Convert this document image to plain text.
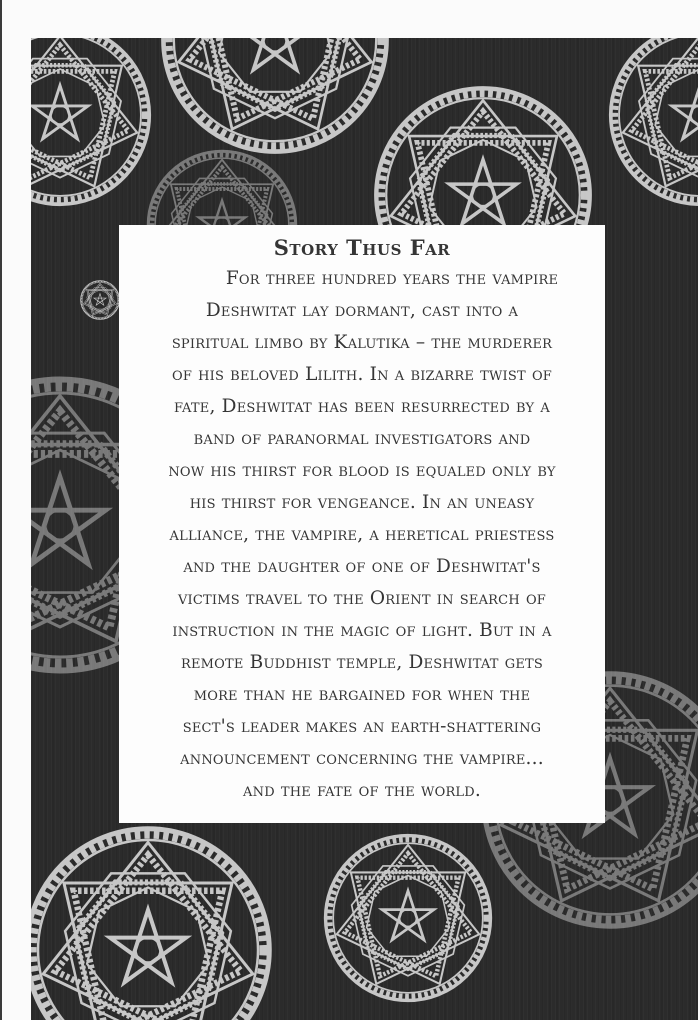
Story Thus Far
For three hundred years the vampire
Deshwitat lay dormant, cast into a
spiritual limbo by Kalutika – the murderer
of his beloved Lilith. In a bizarre twist of
fate, Deshwitat has been resurrected by a
band of paranormal investigators and
now his thirst for blood is equaled only by
his thirst for vengeance. In an uneasy
alliance, the vampire, a heretical priestess
and the daughter of one of Deshwitat's
victims travel to the Orient in search of
instruction in the magic of light. But in a
remote Buddhist temple, Deshwitat gets
more than he bargained for when the
sect's leader makes an earth-shattering
announcement concerning the vampire...
and the fate of the world.
